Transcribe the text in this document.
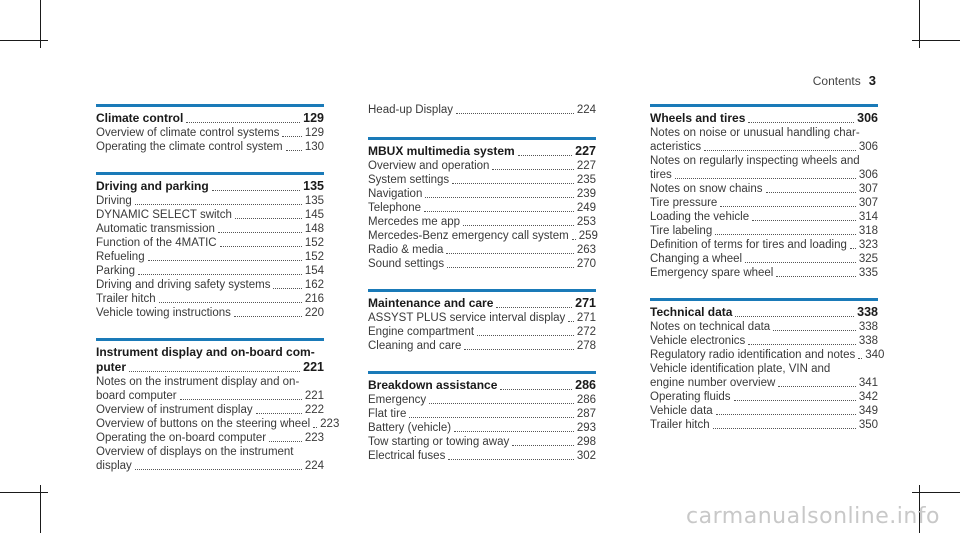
Contents 3
Climate control	129
Overview of climate control systems 129
Operating the climate control system 130
Driving and parking	135
Driving	135
DYNAMIC SELECT switch	145
Automatic transmission	148
Function of the 4MATIC	152
Refueling	152
Parking	154
Driving and driving safety systems	162
Trailer hitch	216
Vehicle towing instructions	220
Instrument display and on-board com-
puter	221
Notes on the instrument display and on-
board computer	221
Overview of instrument display	222
Overview of buttons on the steering wheel 223
Operating the on-board computer	223
Overview of displays on the instrument
display	224
Head-up Display	224
MBUX multimedia system	227
Overview and operation	227
System settings	235
Navigation	239
Telephone	249
Mercedes me app	253
Mercedes-Benz emergency call system 259
Radio & media	263
Sound settings	270
Maintenance and care	271
ASSYST PLUS service interval display 271
Engine compartment	272
Cleaning and care	278
Breakdown assistance	286
Emergency	286
Flat tire	287
Battery (vehicle)	293
Tow starting or towing away	298
Electrical fuses	302
Wheels and tires	306
Notes on noise or unusual handling char-
acteristics	306
Notes on regularly inspecting wheels and
tires	306
Notes on snow chains	307
Tire pressure	307
Loading the vehicle	314
Tire labeling	318
Definition of terms for tires and loading 323
Changing a wheel	325
Emergency spare wheel	335
Technical data	338
Notes on technical data	338
Vehicle electronics	338
Regulatory radio identification and notes 340
Vehicle identification plate, VIN and
engine number overview	341
Operating fluids	342
Vehicle data	349
Trailer hitch	350
carmanualsonline.info
